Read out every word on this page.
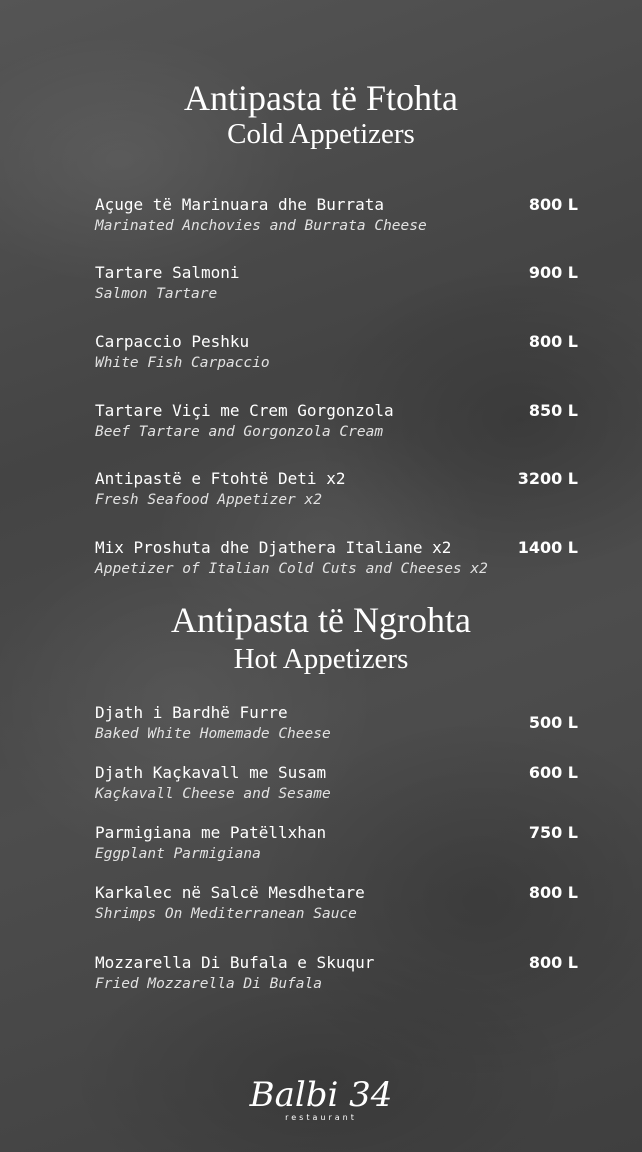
Antipasta të Ftohta
Cold Appetizers
Açuge të Marinuara dhe Burrata
Marinated Anchovies and Burrata Cheese
800 L
Tartare Salmoni
Salmon Tartare
900 L
Carpaccio Peshku
White Fish Carpaccio
800 L
Tartare Viçi me Crem Gorgonzola
Beef Tartare and Gorgonzola Cream
850 L
Antipastë e Ftohtë Deti x2
Fresh Seafood Appetizer x2
3200 L
Mix Proshuta dhe Djathera Italiane x2
Appetizer of Italian Cold Cuts and Cheeses x2
1400 L
Antipasta të Ngrohta
Hot Appetizers
Djath i Bardhë Furre
Baked White Homemade Cheese
500 L
Djath Kaçkavall me Susam
Kaçkavall Cheese and Sesame
600 L
Parmigiana me Patëllxhan
Eggplant Parmigiana
750 L
Karkalec në Salcë Mesdhetare
Shrimps On Mediterranean Sauce
800 L
Mozzarella Di Bufala e Skuqur
Fried Mozzarella Di Bufala
800 L
Balbi 34
restaurant
